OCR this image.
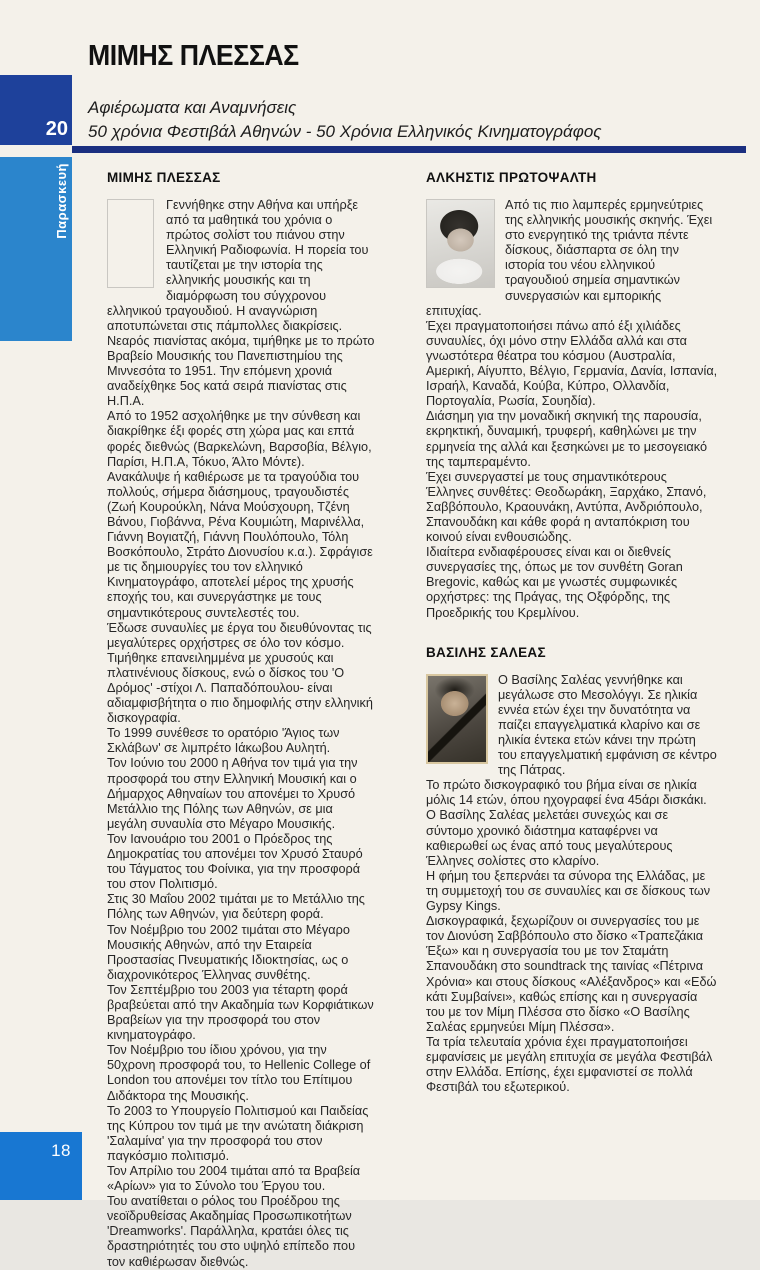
ΜΙΜΗΣ ΠΛΕΣΣΑΣ
Αφιέρωματα και Αναμνήσεις
50 χρόνια Φεστιβάλ Αθηνών - 50 Χρόνια Ελληνικός Κινηματογράφος
20
Παρασκευή	ΜΙΜΗΣ ΠΛΕΣΣΑΣ

Γεννήθηκε στην Αθήνα και υπήρξε από τα μαθητικά του χρόνια ο πρώτος σολίστ του πιάνου στην Ελληνική Ραδιοφωνία. Η πορεία του ταυτίζεται με την ιστορία της ελληνικής μουσικής και τη διαμόρφωση του σύγχρονου ελληνικού τραγουδιού. Η αναγνώριση αποτυπώνεται στις πάμπολλες διακρίσεις.

Νεαρός πιανίστας ακόμα, τιμήθηκε με το πρώτο Βραβείο Μουσικής του Πανεπιστημίου της Μιννεσότα το 1951. Την επόμενη χρονιά αναδείχθηκε 5ος κατά σειρά πιανίστας στις Η.Π.Α.

Από το 1952 ασχολήθηκε με την σύνθεση και διακρίθηκε έξι φορές στη χώρα μας και επτά φορές διεθνώς (Βαρκελώνη, Βαρσοβία, Βέλγιο, Παρίσι, Η.Π.Α, Τόκυο, Άλτο Μόντε).

Ανακάλυψε ή καθιέρωσε με τα τραγούδια του πολλούς, σήμερα διάσημους, τραγουδιστές (Ζωή Κουρούκλη, Νάνα Μούσχουρη, Τζένη Βάνου, Γιοβάννα, Ρένα Κουμιώτη, Μαρινέλλα, Γιάννη Βογιατζή, Γιάννη Πουλόπουλο, Τόλη Βοσκόπουλο, Στράτο Διονυσίου κ.α.). Σφράγισε με τις δημιουργίες του τον ελληνικό Κινηματογράφο, αποτελεί μέρος της χρυσής εποχής του, και συνεργάστηκε με τους σημαντικότερους συντελεστές του.

Έδωσε συναυλίες με έργα του διευθύνοντας τις μεγαλύτερες ορχήστρες σε όλο τον κόσμο. Τιμήθηκε επανειλημμένα με χρυσούς και πλατινένιους δίσκους, ενώ ο δίσκος του 'Ο Δρόμος' -στίχοι Λ. Παπαδόπουλου- είναι αδιαμφισβήτητα ο πιο δημοφιλής στην ελληνική δισκογραφία.

Το 1999 συνέθεσε το ορατόριο 'Άγιος των Σκλάβων' σε λιμπρέτο Ιάκωβου Αυλητή.

Τον Ιούνιο του 2000 η Αθήνα τον τιμά για την προσφορά του στην Ελληνική Μουσική και ο Δήμαρχος Αθηναίων του απονέμει το Χρυσό Μετάλλιο της Πόλης των Αθηνών, σε μια μεγάλη συναυλία στο Μέγαρο Μουσικής.

Τον Ιανουάριο του 2001 ο Πρόεδρος της Δημοκρατίας του απονέμει τον Χρυσό Σταυρό του Τάγματος του Φοίνικα, για την προσφορά του στον Πολιτισμό.

Στις 30 Μαΐου 2002 τιμάται με το Μετάλλιο της Πόλης των Αθηνών, για δεύτερη φορά.

Τον Νοέμβριο του 2002 τιμάται στο Μέγαρο Μουσικής Αθηνών, από την Εταιρεία Προστασίας Πνευματικής Ιδιοκτησίας, ως ο διαχρονικότερος Έλληνας συνθέτης.

Τον Σεπτέμβριο του 2003 για τέταρτη φορά βραβεύεται από την Ακαδημία των Κορφιάτικων Βραβείων για την προσφορά του στον κινηματογράφο.

Τον Νοέμβριο του ίδιου χρόνου, για την 50χρονη προσφορά του, το Hellenic College of London του απονέμει τον τίτλο του Επίτιμου Διδάκτορα της Μουσικής.

Το 2003 το Υπουργείο Πολιτισμού και Παιδείας της Κύπρου τον τιμά με την ανώτατη διάκριση 'Σαλαμίνα' για την προσφορά του στον παγκόσμιο πολιτισμό.

Τον Απρίλιο του 2004 τιμάται από τα Βραβεία «Αρίων» για το Σύνολο του Έργου του.

Του ανατίθεται ο ρόλος του Προέδρου της νεοϊδρυθείσας Ακαδημίας Προσωπικοτήτων 'Dreamworks'. Παράλληλα, κρατάει όλες τις δραστηριότητές του στο υψηλό επίπεδο που τον καθιέρωσαν διεθνώς.

ΑΛΚΗΣΤΙΣ ΠΡΩΤΟΨΑΛΤΗ

Από τις πιο λαμπερές ερμηνεύτριες της ελληνικής μουσικής σκηνής. Έχει στο ενεργητικό της τριάντα πέντε δίσκους, διάσπαρτα σε όλη την ιστορία του νέου ελληνικού τραγουδιού σημεία σημαντικών συνεργασιών και εμπορικής επιτυχίας.

Έχει πραγματοποιήσει πάνω από έξι χιλιάδες συναυλίες, όχι μόνο στην Ελλάδα αλλά και στα γνωστότερα θέατρα του κόσμου (Αυστραλία, Αμερική, Αίγυπτο, Βέλγιο, Γερμανία, Δανία, Ισπανία, Ισραήλ, Καναδά, Κούβα, Κύπρο, Ολλανδία, Πορτογαλία, Ρωσία, Σουηδία).

Διάσημη για την μοναδική σκηνική της παρουσία, εκρηκτική, δυναμική, τρυφερή, καθηλώνει με την ερμηνεία της αλλά και ξεσηκώνει με το μεσογειακό της ταμπεραμέντο.

Έχει συνεργαστεί με τους σημαντικότερους Έλληνες συνθέτες: Θεοδωράκη, Ξαρχάκο, Σπανό, Σαββόπουλο, Κραουνάκη, Αντύπα, Ανδριόπουλο, Σπανουδάκη και κάθε φορά η ανταπόκριση του κοινού είναι ενθουσιώδης.

Ιδιαίτερα ενδιαφέρουσες είναι και οι διεθνείς συνεργασίες της, όπως με τον συνθέτη Goran Bregovic, καθώς και με γνωστές συμφωνικές ορχήστρες: της Πράγας, της Οξφόρδης, της Προεδρικής του Κρεμλίνου.

ΒΑΣΙΛΗΣ ΣΑΛΕΑΣ

Ο Βασίλης Σαλέας γεννήθηκε και μεγάλωσε στο Μεσολόγγι. Σε ηλικία εννέα ετών έχει την δυνατότητα να παίζει επαγγελματικά κλαρίνο και σε ηλικία έντεκα ετών κάνει την πρώτη του επαγγελματική εμφάνιση σε κέντρο της Πάτρας.

Το πρώτο δισκογραφικό του βήμα είναι σε ηλικία μόλις 14 ετών, όπου ηχογραφεί ένα 45άρι δισκάκι. Ο Βασίλης Σαλέας μελετάει συνεχώς και σε σύντομο χρονικό διάστημα καταφέρνει να καθιερωθεί ως ένας από τους μεγαλύτερους Έλληνες σολίστες στο κλαρίνο.

Η φήμη του ξεπερνάει τα σύνορα της Ελλάδας, με τη συμμετοχή του σε συναυλίες και σε δίσκους των Gypsy Kings.

Δισκογραφικά, ξεχωρίζουν οι συνεργασίες του με τον Διονύση Σαββόπουλο στο δίσκο «Τραπεζάκια Έξω» και η συνεργασία του με τον Σταμάτη Σπανουδάκη στο soundtrack της ταινίας «Πέτρινα Χρόνια» και στους δίσκους «Αλέξανδρος» και «Εδώ κάτι Συμβαίνει», καθώς επίσης και η συνεργασία του με τον Μίμη Πλέσσα στο δίσκο «Ο Βασίλης Σαλέας ερμηνεύει Μίμη Πλέσσα».

Τα τρία τελευταία χρόνια έχει πραγματοποιήσει εμφανίσεις με μεγάλη επιτυχία σε μεγάλα Φεστιβάλ στην Ελλάδα. Επίσης, έχει εμφανιστεί σε πολλά Φεστιβάλ του εξωτερικού.

18
